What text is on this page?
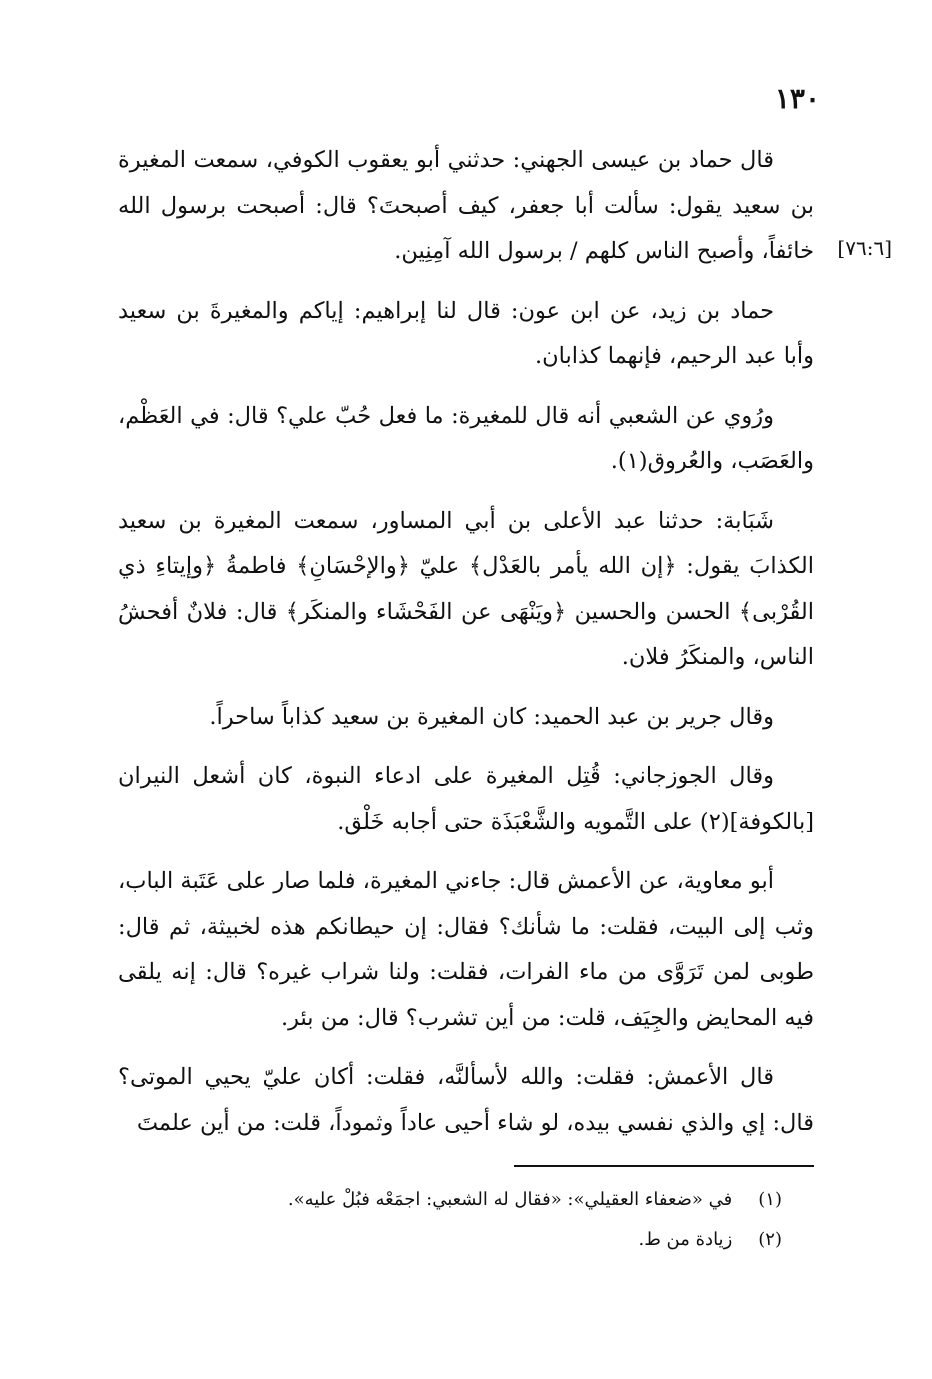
١٣٠
[٧٦:٦]

قال حماد بن عيسى الجهني: حدثني أبو يعقوب الكوفي، سمعت المغيرة بن سعيد يقول: سألت أبا جعفر، كيف أصبحتَ؟ قال: أصبحت برسول الله خائفاً، وأصبح الناس كلهم / برسول الله آمِنِين.

حماد بن زيد، عن ابن عون: قال لنا إبراهيم: إياكم والمغيرةَ بن سعيد وأبا عبد الرحيم، فإنهما كذابان.

ورُوي عن الشعبي أنه قال للمغيرة: ما فعل حُبّ علي؟ قال: في العَظْم، والعَصَب، والعُروق(١).

شَبَابة: حدثنا عبد الأعلى بن أبي المساور، سمعت المغيرة بن سعيد الكذابَ يقول: ﴿إن الله يأمر بالعَدْل﴾ عليّ ﴿والإحْسَانِ﴾ فاطمةُ ﴿وإيتاءِ ذي القُرْبى﴾ الحسن والحسين ﴿ويَنْهَى عن الفَحْشَاء والمنكَر﴾ قال: فلانٌ أفحشُ الناس، والمنكَرُ فلان.

وقال جرير بن عبد الحميد: كان المغيرة بن سعيد كذاباً ساحراً.

وقال الجوزجاني: قُتِل المغيرة على ادعاء النبوة، كان أشعل النيران [بالكوفة](٢) على التَّمويه والشَّعْبَذَة حتى أجابه خَلْق.

أبو معاوية، عن الأعمش قال: جاءني المغيرة، فلما صار على عَتَبة الباب، وثب إلى البيت، فقلت: ما شأنك؟ فقال: إن حيطانكم هذه لخبيثة، ثم قال: طوبى لمن تَرَوَّى من ماء الفرات، فقلت: ولنا شراب غيره؟ قال: إنه يلقى فيه المحايض والجِيَف، قلت: من أين تشرب؟ قال: من بئر.

قال الأعمش: فقلت: والله لأسألنَّه، فقلت: أكان عليّ يحيي الموتى؟ قال: إي والذي نفسي بيده، لو شاء أحيى عاداً وثموداً، قلت: من أين علمتَ

(١) في «ضعفاء العقيلي»: «فقال له الشعبي: اجمَعْه فبُلْ عليه».
(٢) زيادة من ط.
